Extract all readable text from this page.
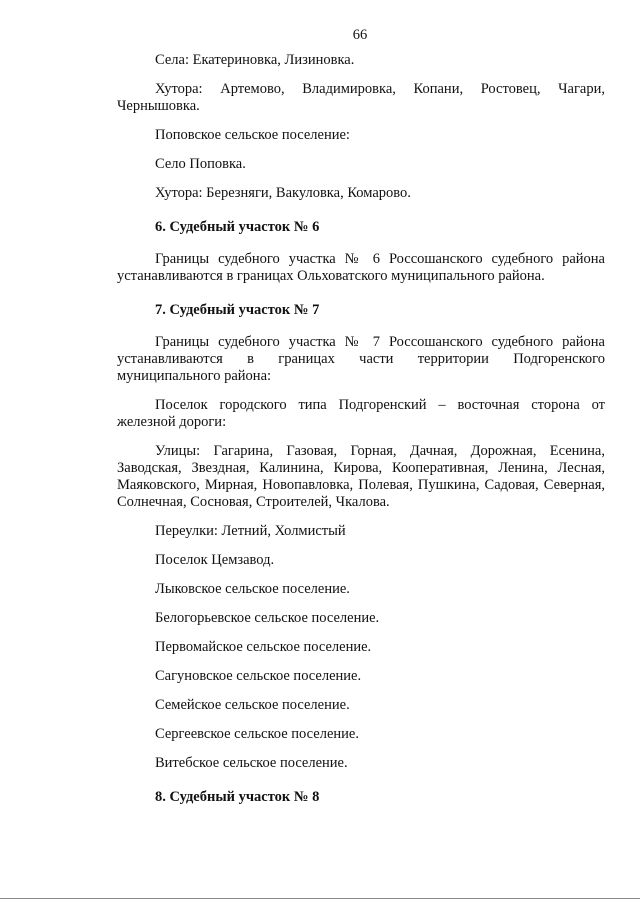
66

Села: Екатериновка, Лизиновка.

Хутора: Артемово, Владимировка, Копани, Ростовец, Чагари, Чернышовка.

Поповское сельское поселение:

Село Поповка.

Хутора: Березняги, Вакуловка, Комарово.

6. Судебный участок № 6

Границы судебного участка № 6 Россошанского судебного района устанавливаются в границах Ольховатского муниципального района.

7. Судебный участок № 7

Границы судебного участка № 7 Россошанского судебного района устанавливаются в границах части территории Подгоренского муниципального района:

Поселок городского типа Подгоренский – восточная сторона от железной дороги:

Улицы: Гагарина, Газовая, Горная, Дачная, Дорожная, Есенина, Заводская, Звездная, Калинина, Кирова, Кооперативная, Ленина, Лесная, Маяковского, Мирная, Новопавловка, Полевая, Пушкина, Садовая, Северная, Солнечная, Сосновая, Строителей, Чкалова.

Переулки: Летний, Холмистый

Поселок Цемзавод.

Лыковское сельское поселение.

Белогорьевское сельское поселение.

Первомайское сельское поселение.

Сагуновское сельское поселение.

Семейское сельское поселение.

Сергеевское сельское поселение.

Витебское сельское поселение.

8. Судебный участок № 8
